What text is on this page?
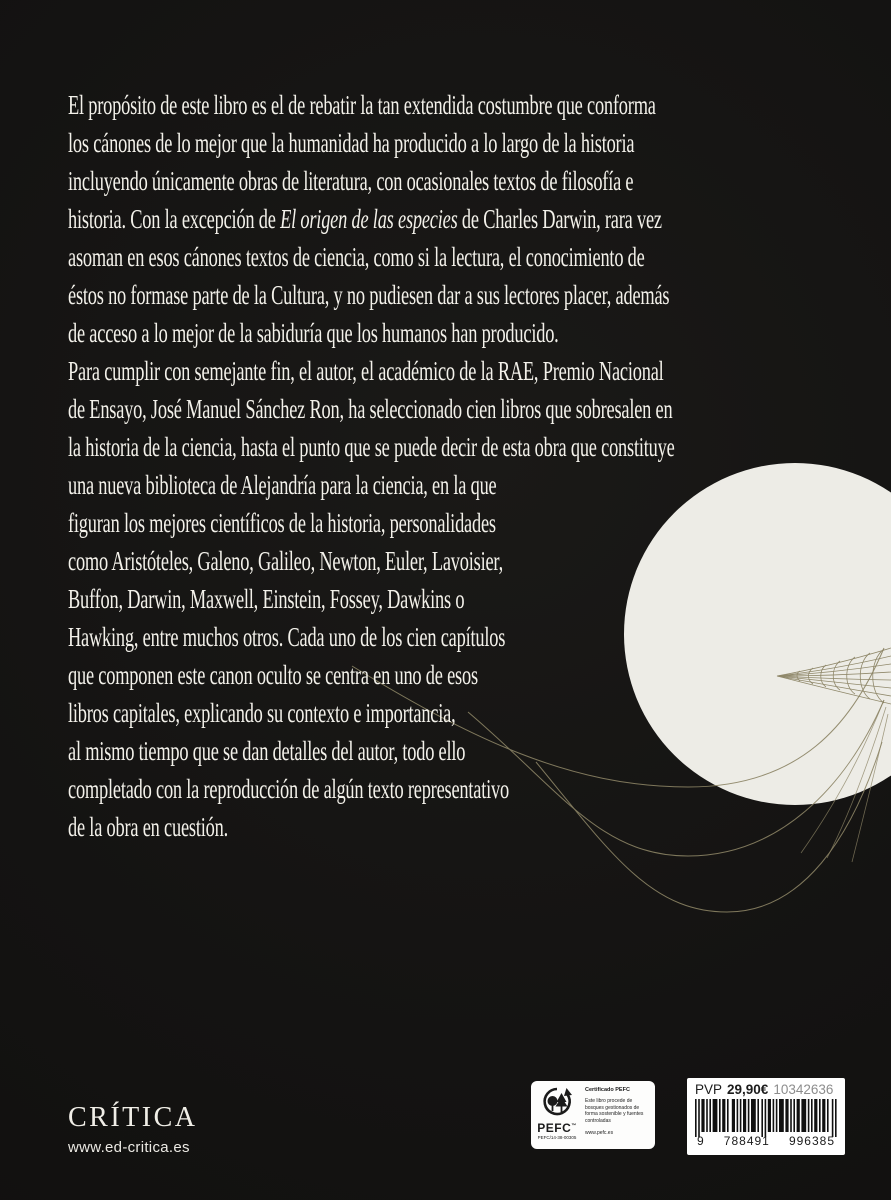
El propósito de este libro es el de rebatir la tan extendida costumbre que conforma
los cánones de lo mejor que la humanidad ha producido a lo largo de la historia
incluyendo únicamente obras de literatura, con ocasionales textos de filosofía e
historia. Con la excepción de El origen de las especies de Charles Darwin, rara vez
asoman en esos cánones textos de ciencia, como si la lectura, el conocimiento de
éstos no formase parte de la Cultura, y no pudiesen dar a sus lectores placer, además
de acceso a lo mejor de la sabiduría que los humanos han producido.
Para cumplir con semejante fin, el autor, el académico de la RAE, Premio Nacional
de Ensayo, José Manuel Sánchez Ron, ha seleccionado cien libros que sobresalen en
la historia de la ciencia, hasta el punto que se puede decir de esta obra que constituye
una nueva biblioteca de Alejandría para la ciencia, en la que
figuran los mejores científicos de la historia, personalidades
como Aristóteles, Galeno, Galileo, Newton, Euler, Lavoisier,
Buffon, Darwin, Maxwell, Einstein, Fossey, Dawkins o
Hawking, entre muchos otros. Cada uno de los cien capítulos
que componen este canon oculto se centra en uno de esos
libros capitales, explicando su contexto e importancia,
al mismo tiempo que se dan detalles del autor, todo ello
completado con la reproducción de algún texto representativo
de la obra en cuestión.
CRÍTICA
www.ed-critica.es
PEFC™
PEFC/14-38-00305
Certificado PEFC
Este libro procede de bosques gestionados de forma sostenible y fuentes controladas
www.pefc.es
PVP 29,90€ 10342636
9 788491 996385
